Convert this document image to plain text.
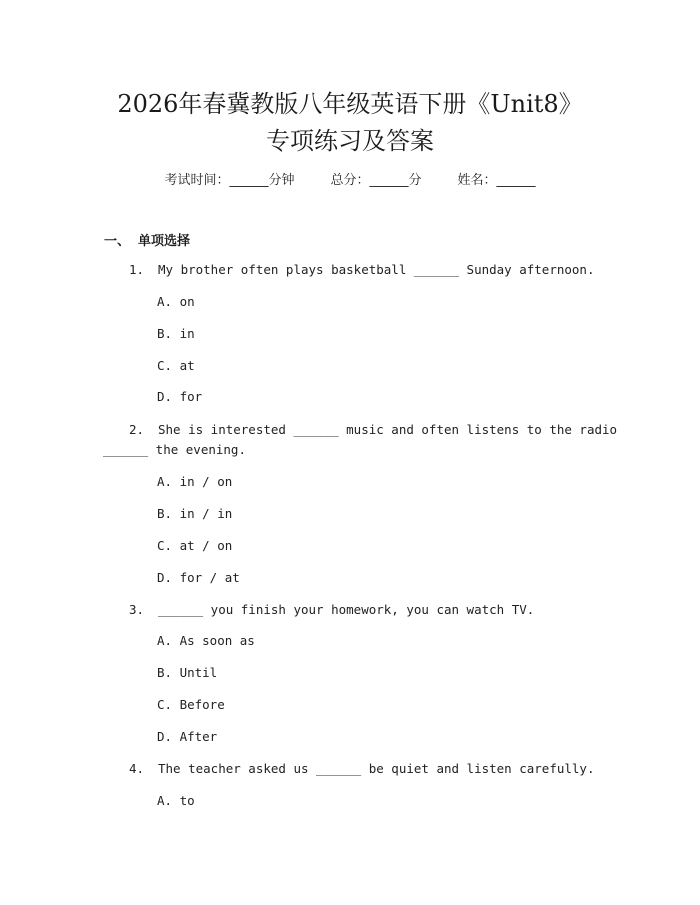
2026年春冀教版八年级英语下册《Unit8》
专项练习及答案
考试时间：______分钟	总分：______分	姓名：______
一、 单项选择
1. My brother often plays basketball ______ Sunday afternoon.
A. on
B. in
C. at
D. for
2. She is interested ______ music and often listens to the radio
______ the evening.
A. in / on
B. in / in
C. at / on
D. for / at
3. ______ you finish your homework, you can watch TV.
A. As soon as
B. Until
C. Before
D. After
4. The teacher asked us ______ be quiet and listen carefully.
A. to
